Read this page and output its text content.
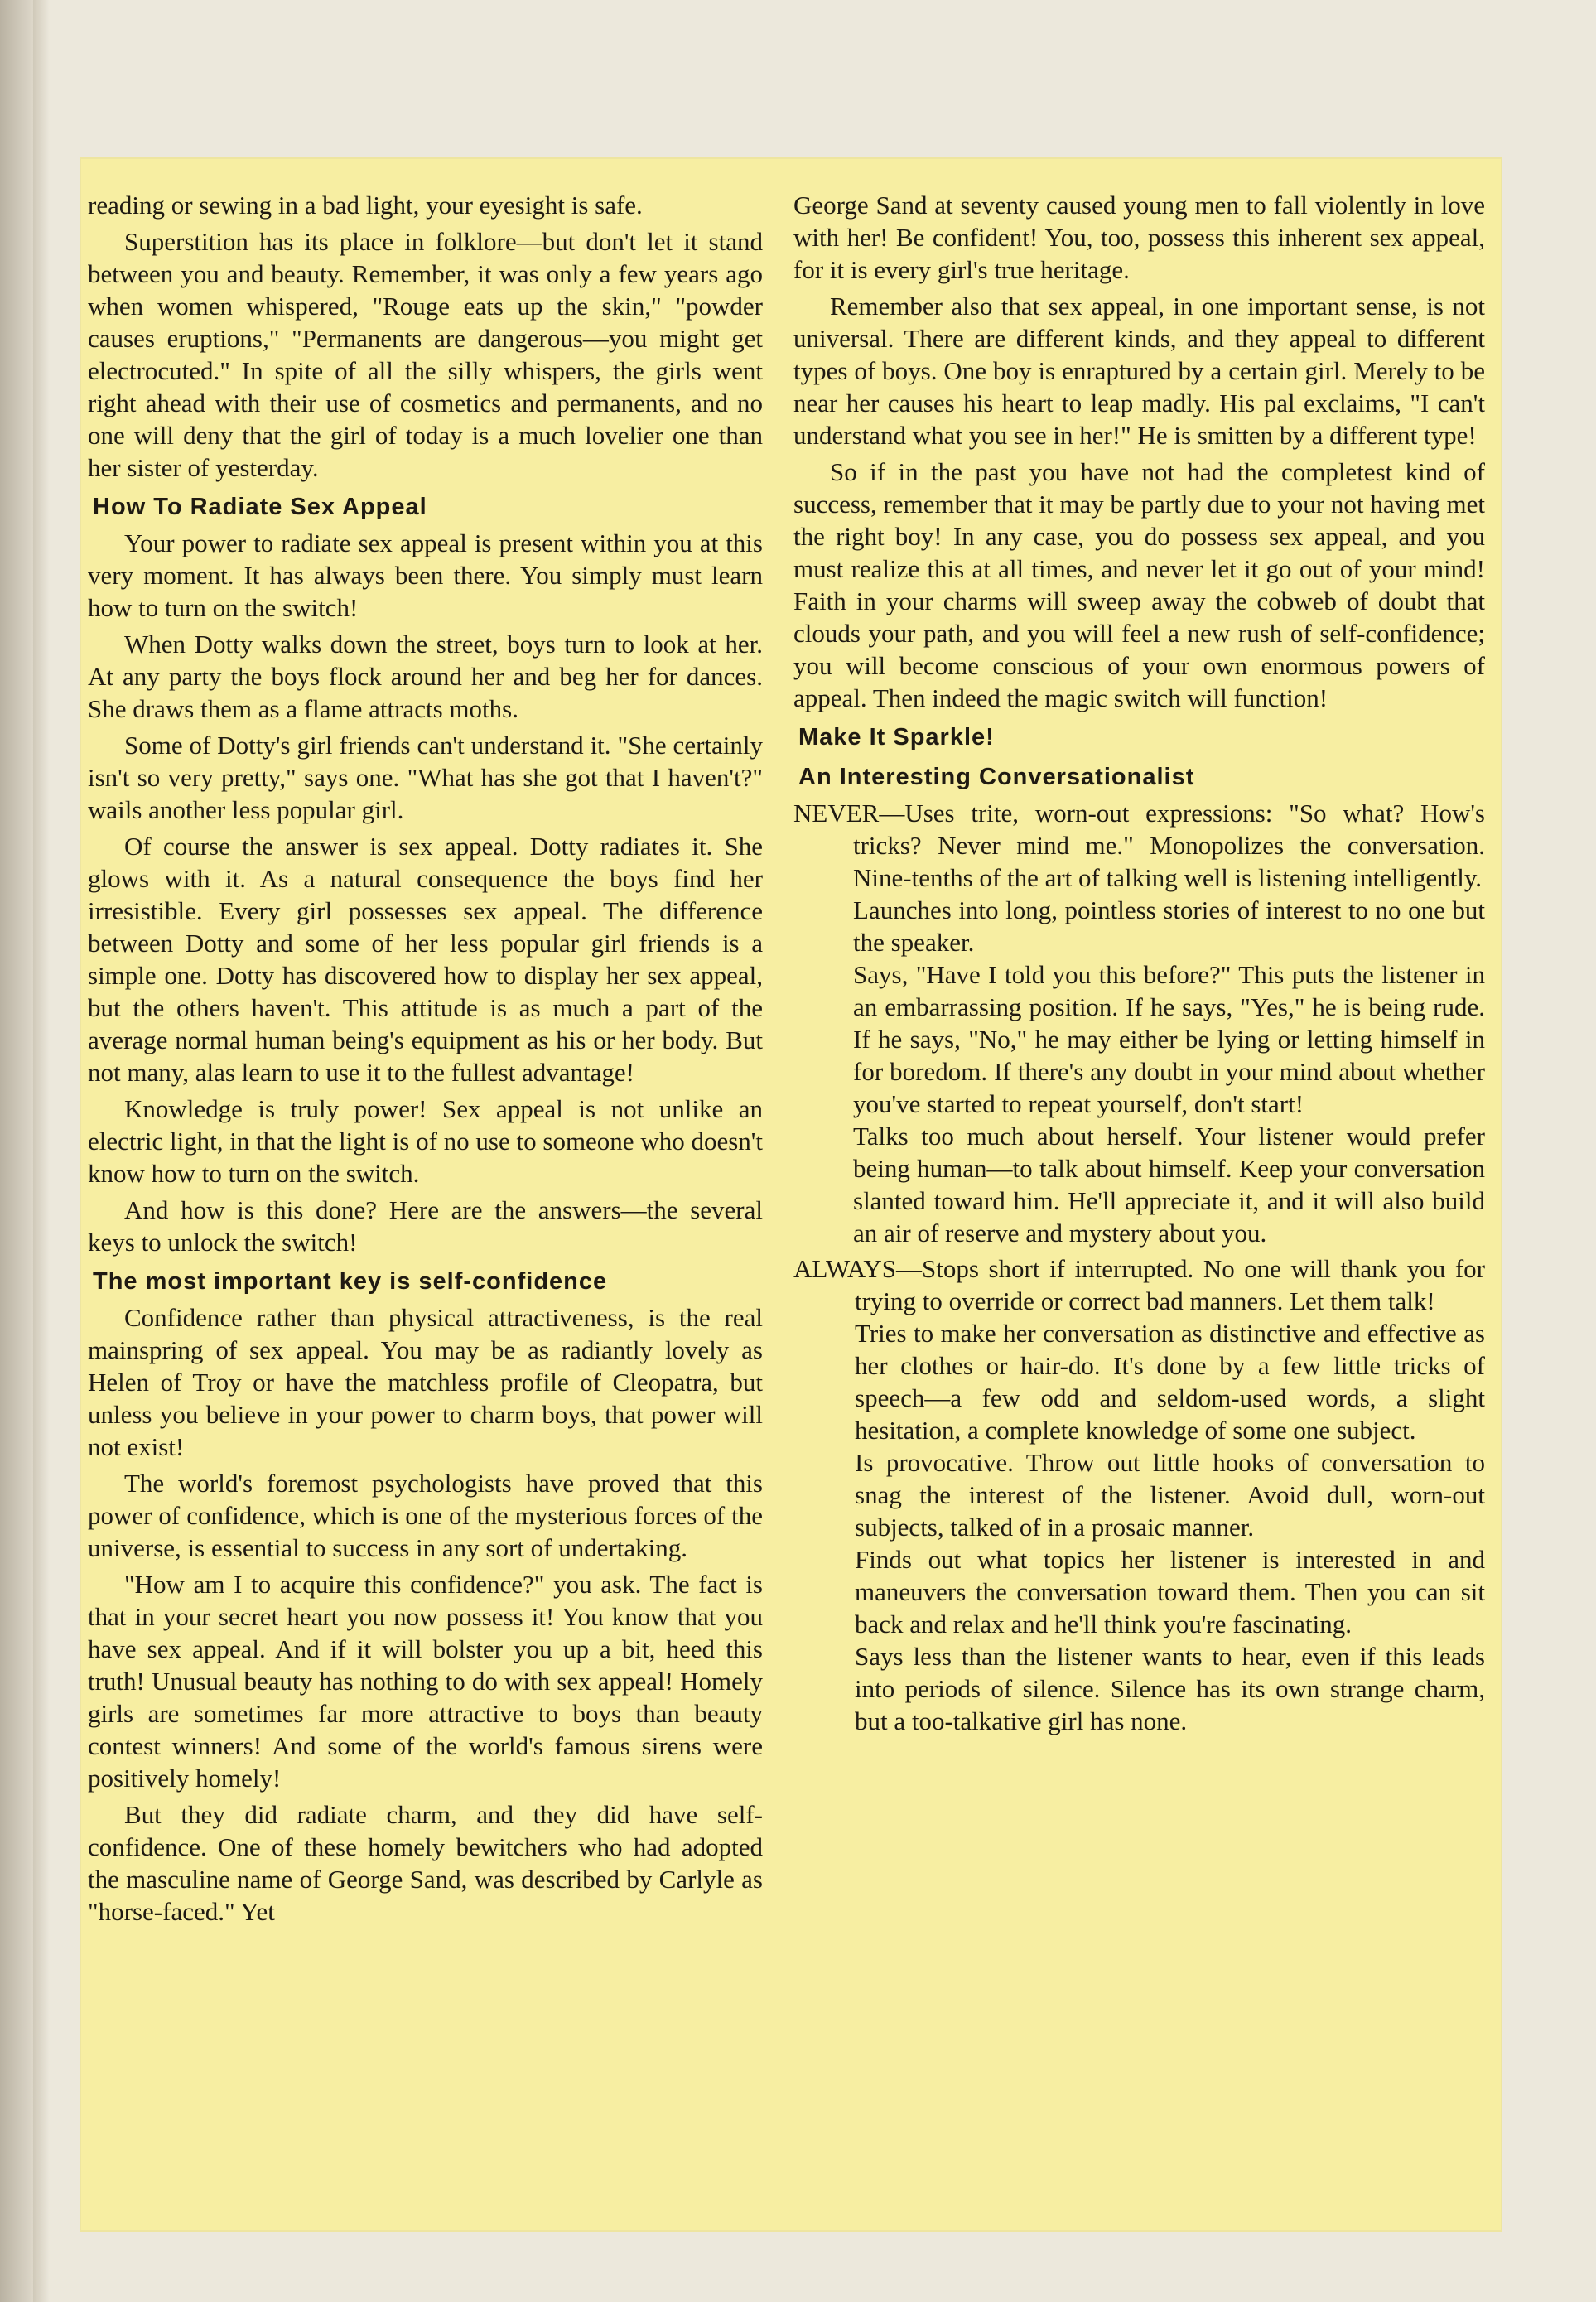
reading or sewing in a bad light, your eyesight is safe.

Superstition has its place in folklore—but don't let it stand between you and beauty. Remember, it was only a few years ago when women whispered, "Rouge eats up the skin," "powder causes eruptions," "Permanents are dangerous—you might get electrocuted." In spite of all the silly whispers, the girls went right ahead with their use of cosmetics and permanents, and no one will deny that the girl of today is a much lovelier one than her sister of yesterday.

How To Radiate Sex Appeal

Your power to radiate sex appeal is present within you at this very moment. It has always been there. You simply must learn how to turn on the switch!

When Dotty walks down the street, boys turn to look at her. At any party the boys flock around her and beg her for dances. She draws them as a flame attracts moths.

Some of Dotty's girl friends can't understand it. "She certainly isn't so very pretty," says one. "What has she got that I haven't?" wails another less popular girl.

Of course the answer is sex appeal. Dotty radiates it. She glows with it. As a natural consequence the boys find her irresistible. Every girl possesses sex appeal. The difference between Dotty and some of her less popular girl friends is a simple one. Dotty has discovered how to display her sex appeal, but the others haven't. This attitude is as much a part of the average normal human being's equipment as his or her body. But not many, alas learn to use it to the fullest advantage!

Knowledge is truly power! Sex appeal is not unlike an electric light, in that the light is of no use to someone who doesn't know how to turn on the switch.

And how is this done? Here are the answers—the several keys to unlock the switch!

The most important key is self-confidence

Confidence rather than physical attractiveness, is the real mainspring of sex appeal. You may be as radiantly lovely as Helen of Troy or have the matchless profile of Cleopatra, but unless you believe in your power to charm boys, that power will not exist!

The world's foremost psychologists have proved that this power of confidence, which is one of the mysterious forces of the universe, is essential to success in any sort of undertaking.

"How am I to acquire this confidence?" you ask. The fact is that in your secret heart you now possess it! You know that you have sex appeal. And if it will bolster you up a bit, heed this truth! Unusual beauty has nothing to do with sex appeal! Homely girls are sometimes far more attractive to boys than beauty contest winners! And some of the world's famous sirens were positively homely!

But they did radiate charm, and they did have self-confidence. One of these homely bewitchers who had adopted the masculine name of George Sand, was described by Carlyle as "horse-faced." Yet

George Sand at seventy caused young men to fall violently in love with her! Be confident! You, too, possess this inherent sex appeal, for it is every girl's true heritage.

Remember also that sex appeal, in one important sense, is not universal. There are different kinds, and they appeal to different types of boys. One boy is enraptured by a certain girl. Merely to be near her causes his heart to leap madly. His pal exclaims, "I can't understand what you see in her!" He is smitten by a different type!

So if in the past you have not had the completest kind of success, remember that it may be partly due to your not having met the right boy! In any case, you do possess sex appeal, and you must realize this at all times, and never let it go out of your mind! Faith in your charms will sweep away the cobweb of doubt that clouds your path, and you will feel a new rush of self-confidence; you will become conscious of your own enormous powers of appeal. Then indeed the magic switch will function!

Make It Sparkle!
An Interesting Conversationalist
NEVER—Uses trite, worn-out expressions: "So what? How's tricks? Never mind me." Monopolizes the conversation. Nine-tenths of the art of talking well is listening intelligently.
Launches into long, pointless stories of interest to no one but the speaker.
Says, "Have I told you this before?" This puts the listener in an embarrassing position. If he says, "Yes," he is being rude. If he says, "No," he may either be lying or letting himself in for boredom. If there's any doubt in your mind about whether you've started to repeat yourself, don't start!
Talks too much about herself. Your listener would prefer being human—to talk about himself. Keep your conversation slanted toward him. He'll appreciate it, and it will also build an air of reserve and mystery about you.
ALWAYS—Stops short if interrupted. No one will thank you for trying to override or correct bad manners. Let them talk!
Tries to make her conversation as distinctive and effective as her clothes or hair-do. It's done by a few little tricks of speech—a few odd and seldom-used words, a slight hesitation, a complete knowledge of some one subject.
Is provocative. Throw out little hooks of conversation to snag the interest of the listener. Avoid dull, worn-out subjects, talked of in a prosaic manner.
Finds out what topics her listener is interested in and maneuvers the conversation toward them. Then you can sit back and relax and he'll think you're fascinating.
Says less than the listener wants to hear, even if this leads into periods of silence. Silence has its own strange charm, but a too-talkative girl has none.
